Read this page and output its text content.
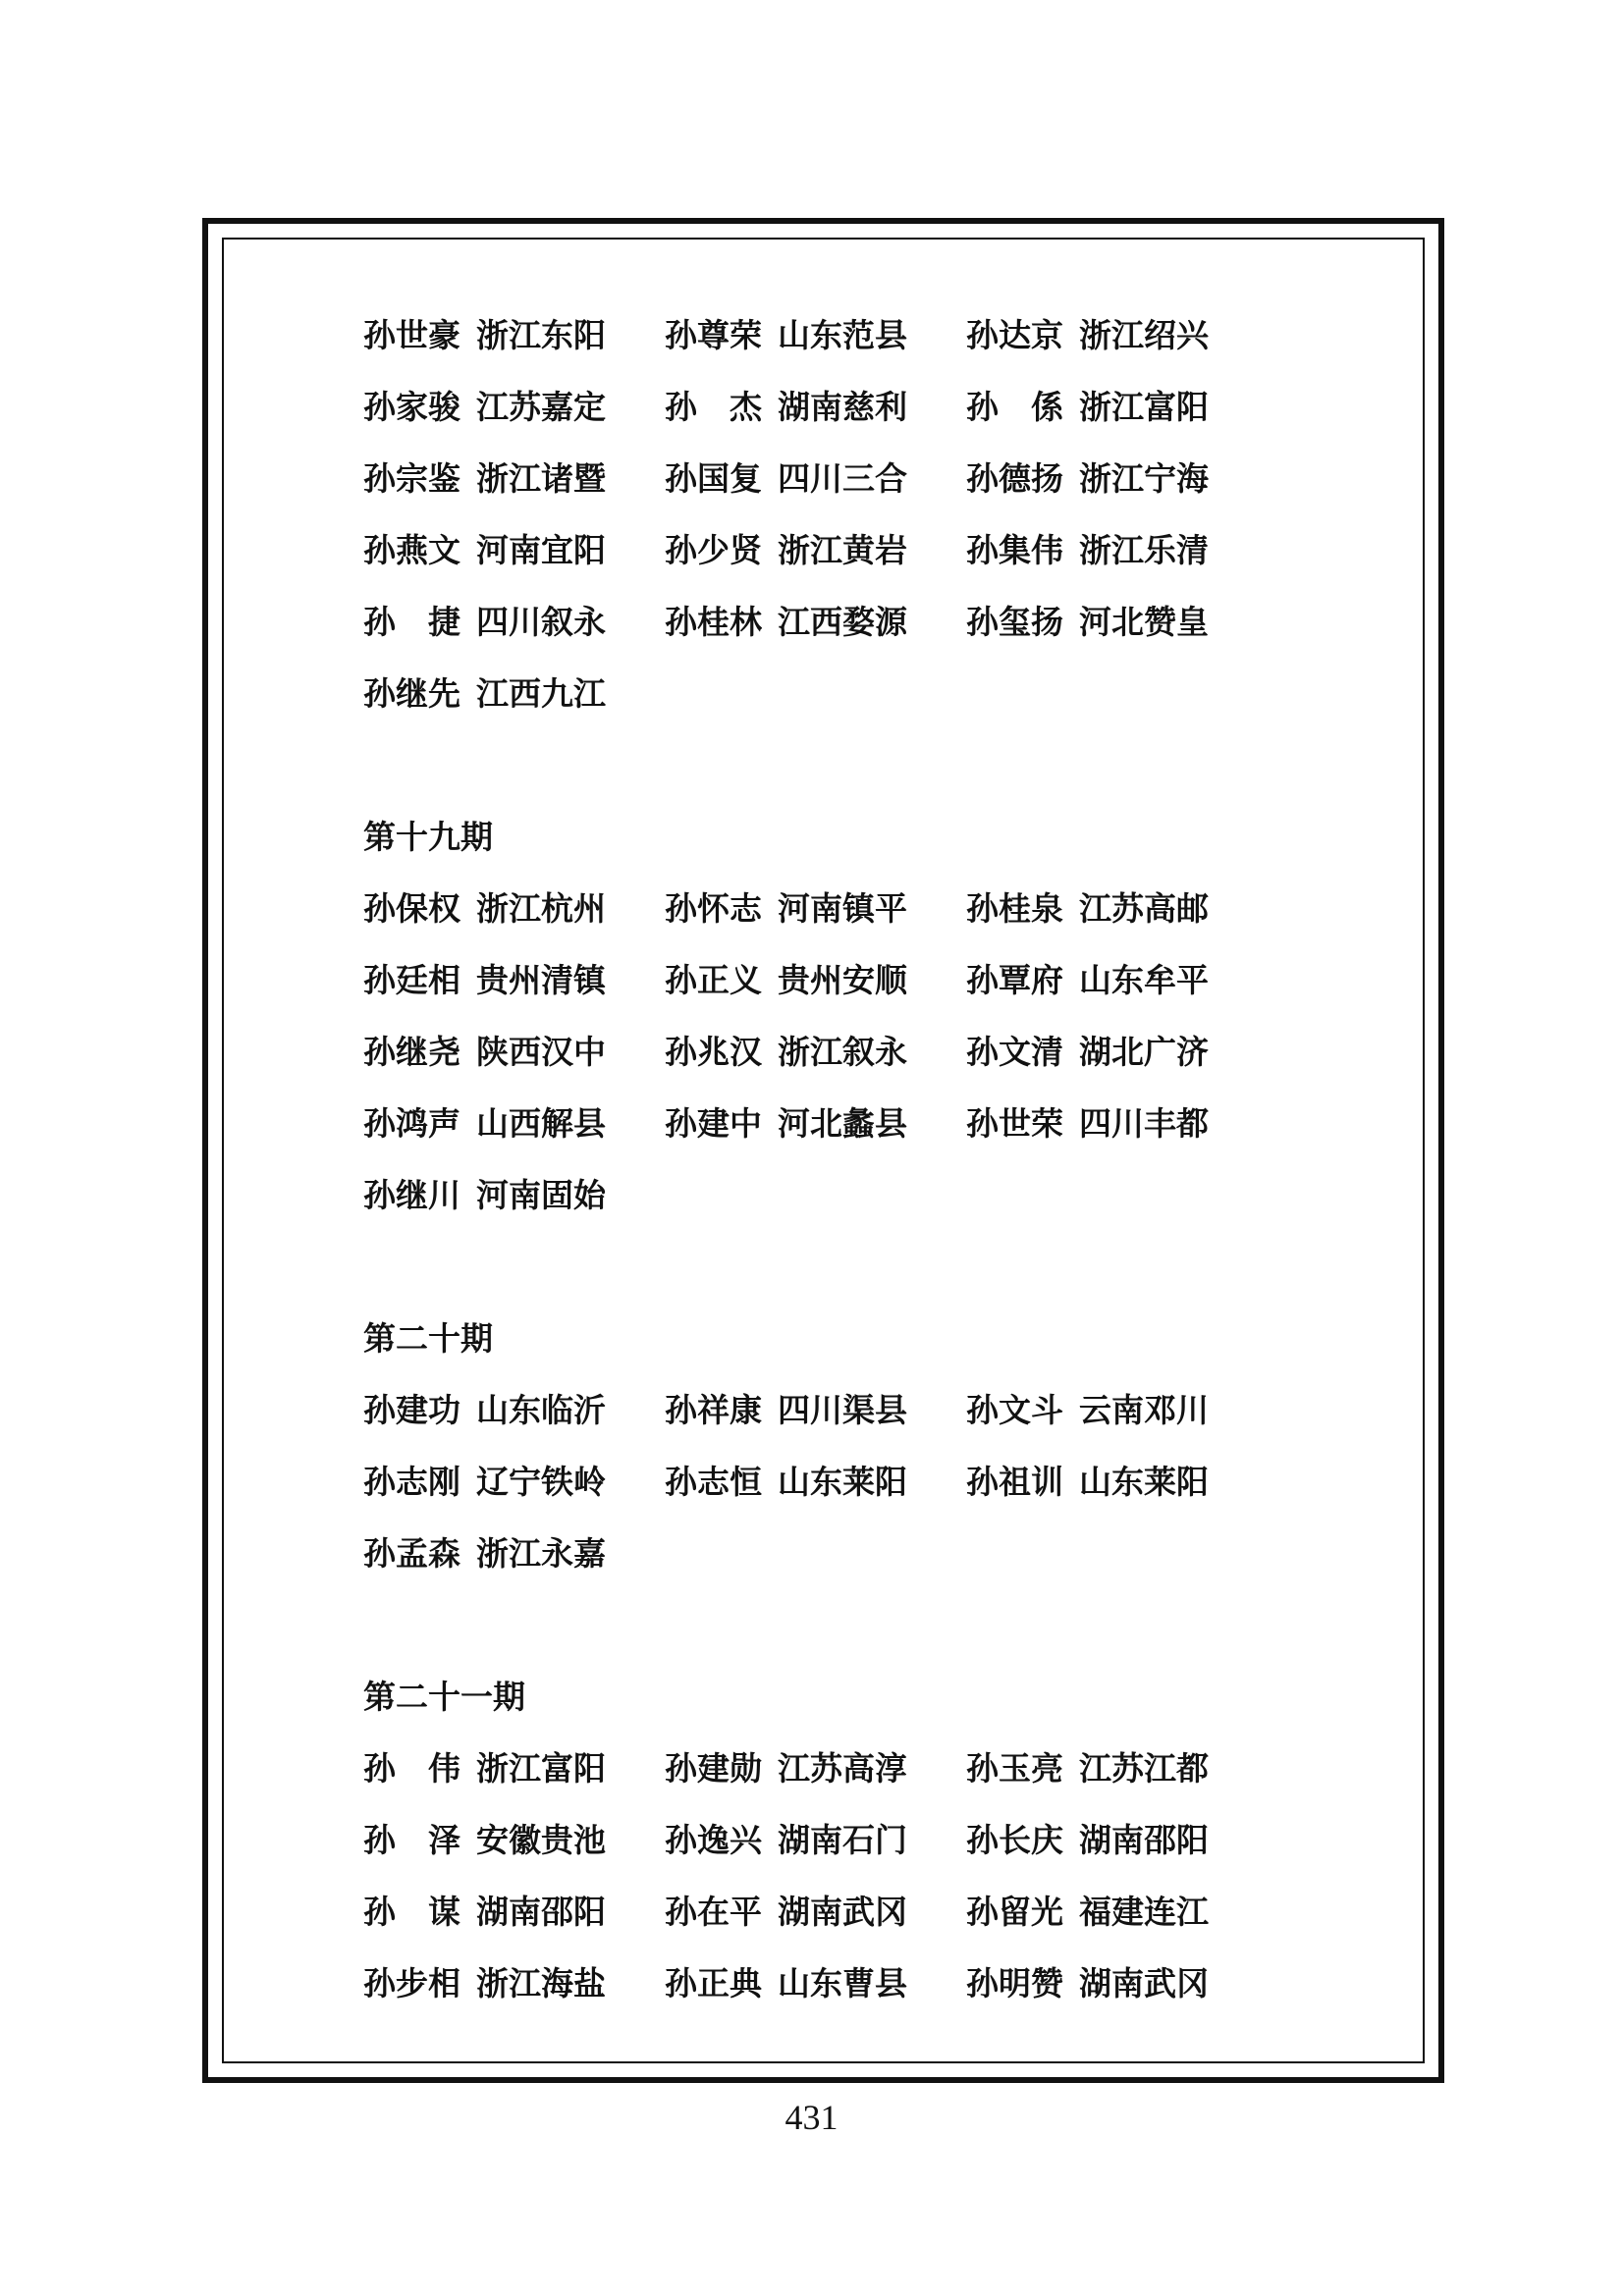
孙世豪 浙江东阳 孙尊荣 山东范县 孙达京 浙江绍兴
孙家骏 江苏嘉定 孙　杰 湖南慈利 孙　係 浙江富阳
孙宗鉴 浙江诸暨 孙国复 四川三合 孙德扬 浙江宁海
孙燕文 河南宜阳 孙少贤 浙江黄岩 孙集伟 浙江乐清
孙　捷 四川叙永 孙桂林 江西婺源 孙玺扬 河北赞皇
孙继先 江西九江
第十九期
孙保权 浙江杭州 孙怀志 河南镇平 孙桂泉 江苏高邮
孙廷相 贵州清镇 孙正义 贵州安顺 孙覃府 山东牟平
孙继尧 陕西汉中 孙兆汉 浙江叙永 孙文清 湖北广济
孙鸿声 山西解县 孙建中 河北蠡县 孙世荣 四川丰都
孙继川 河南固始
第二十期
孙建功 山东临沂 孙祥康 四川渠县 孙文斗 云南邓川
孙志刚 辽宁铁岭 孙志恒 山东莱阳 孙祖训 山东莱阳
孙孟森 浙江永嘉
第二十一期
孙　伟 浙江富阳 孙建勋 江苏高淳 孙玉亮 江苏江都
孙　泽 安徽贵池 孙逸兴 湖南石门 孙长庆 湖南邵阳
孙　谋 湖南邵阳 孙在平 湖南武冈 孙留光 福建连江
孙步相 浙江海盐 孙正典 山东曹县 孙明赞 湖南武冈
431
